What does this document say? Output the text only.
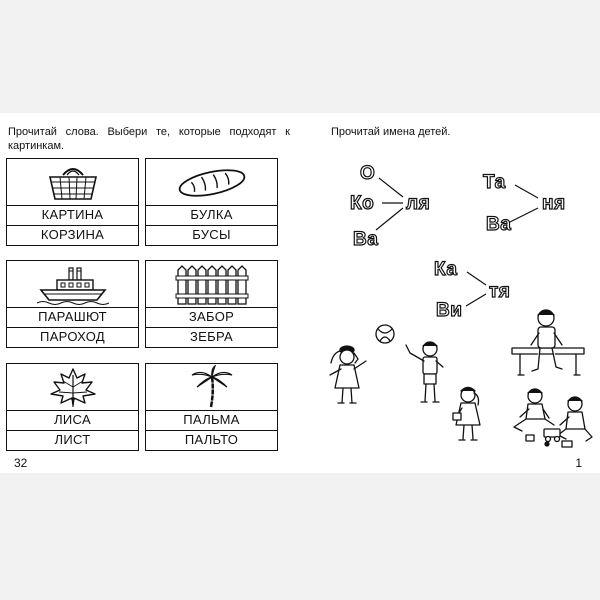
Прочитай слова. Выбери те, которые подходят к картинкам.
КАРТИНА
КОРЗИНА
БУЛКА
БУСЫ
ПАРАШЮТ
ПАРОХОД
ЗАБОР
ЗЕБРА
ЛИСА
ЛИСТ
ПАЛЬМА
ПАЛЬТО
32
Прочитай имена детей.
О
Ко
Ва
ля
Та
ня
Ва
Ка
Ви
тя
1
